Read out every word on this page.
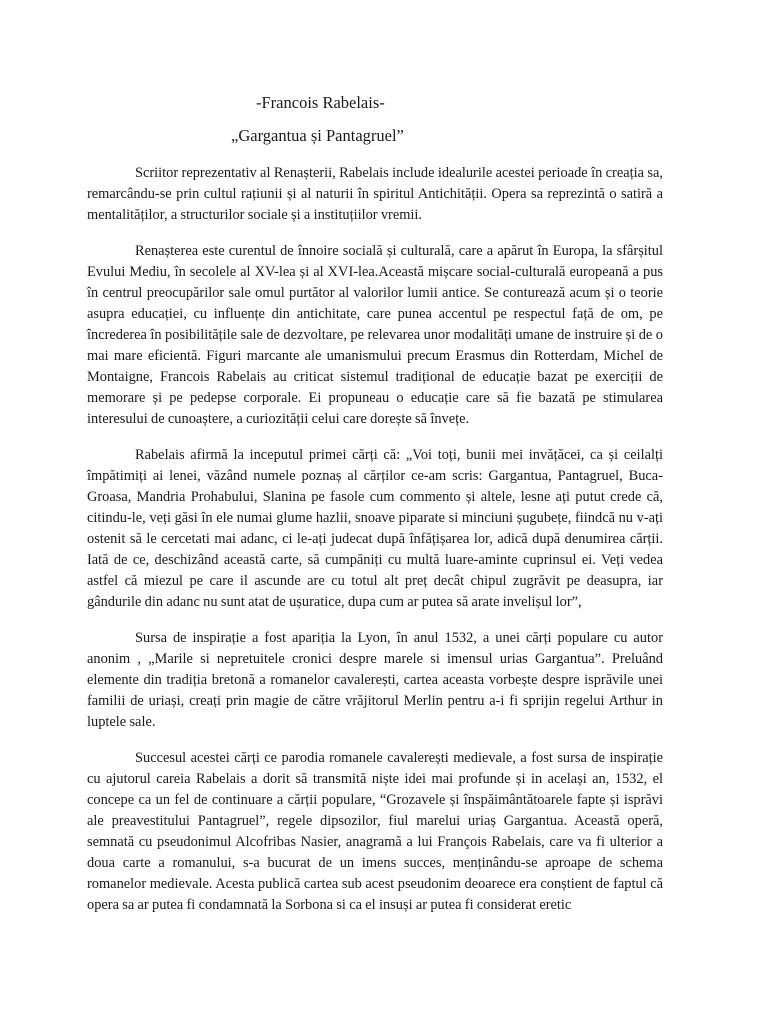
-Francois Rabelais-
„Gargantua și Pantagruel”

Scriitor reprezentativ al Renașterii, Rabelais include idealurile acestei perioade în creația sa, remarcându-se prin cultul rațiunii și al naturii în spiritul Antichității. Opera sa reprezintă o satiră a mentalităților, a structurilor sociale și a instituțiilor vremii.

Renașterea este curentul de înnoire socială și culturală, care a apărut în Europa, la sfârșitul Evului Mediu, în secolele al XV-lea și al XVI-lea.Această mișcare social-culturală europeană a pus în centrul preocupărilor sale omul purtător al valorilor lumii antice. Se conturează acum și o teorie asupra educației, cu influențe din antichitate, care punea accentul pe respectul față de om, pe încrederea în posibilitățile sale de dezvoltare, pe relevarea unor modalități umane de instruire și de o mai mare eficientă. Figuri marcante ale umanismului precum Erasmus din Rotterdam, Michel de Montaigne, Francois Rabelais au criticat sistemul tradițional de educație bazat pe exerciții de memorare și pe pedepse corporale. Ei propuneau o educație care să fie bazată pe stimularea interesului de cunoaștere, a curiozității celui care dorește să învețe.

Rabelais afirmă la inceputul primei cărți că: „Voi toți, bunii mei invățăcei, ca și ceilalți împătimiți ai lenei, văzând numele poznaș al cărților ce-am scris: Gargantua, Pantagruel, Buca-Groasa, Mandria Prohabului, Slanina pe fasole cum commento și altele, lesne ați putut crede că, citindu-le, veți găsi în ele numai glume hazlii, snoave piparate si minciuni șugubețe, fiindcă nu v-ați ostenit să le cercetati mai adanc, ci le-ați judecat după înfățișarea lor, adică după denumirea cărții. Iată de ce, deschizând această carte, să cumpăniți cu multă luare-aminte cuprinsul ei. Veți vedea astfel că miezul pe care il ascunde are cu totul alt preț decât chipul zugrăvit pe deasupra, iar gândurile din adanc nu sunt atat de ușuratice, dupa cum ar putea să arate invelișul lor”,

Sursa de inspirație a fost apariția la Lyon, în anul 1532, a unei cărți populare cu autor anonim , „Marile si nepretuitele cronici despre marele si imensul urias Gargantua”. Preluând elemente din tradiția bretonă a romanelor cavalerești, cartea aceasta vorbește despre isprăvile unei familii de uriași, creați prin magie de către vrăjitorul Merlin pentru a-i fi sprijin regelui Arthur in luptele sale.

Succesul acestei cărți ce parodia romanele cavalerești medievale, a fost sursa de inspirație cu ajutorul careia Rabelais a dorit să transmită niște idei mai profunde și in același an, 1532, el concepe ca un fel de continuare a cărții populare, “Grozavele și înspăimântătoarele fapte și isprăvi ale preavestitului Pantagruel”, regele dipsozilor, fiul marelui uriaș Gargantua. Această operă, semnată cu pseudonimul Alcofribas Nasier, anagramă a lui François Rabelais, care va fi ulterior a doua carte a romanului, s-a bucurat de un imens succes, menținându-se aproape de schema romanelor medievale. Acesta publică cartea sub acest pseudonim deoarece era conștient de faptul că opera sa ar putea fi condamnată la Sorbona si ca el insuși ar putea fi considerat eretic
